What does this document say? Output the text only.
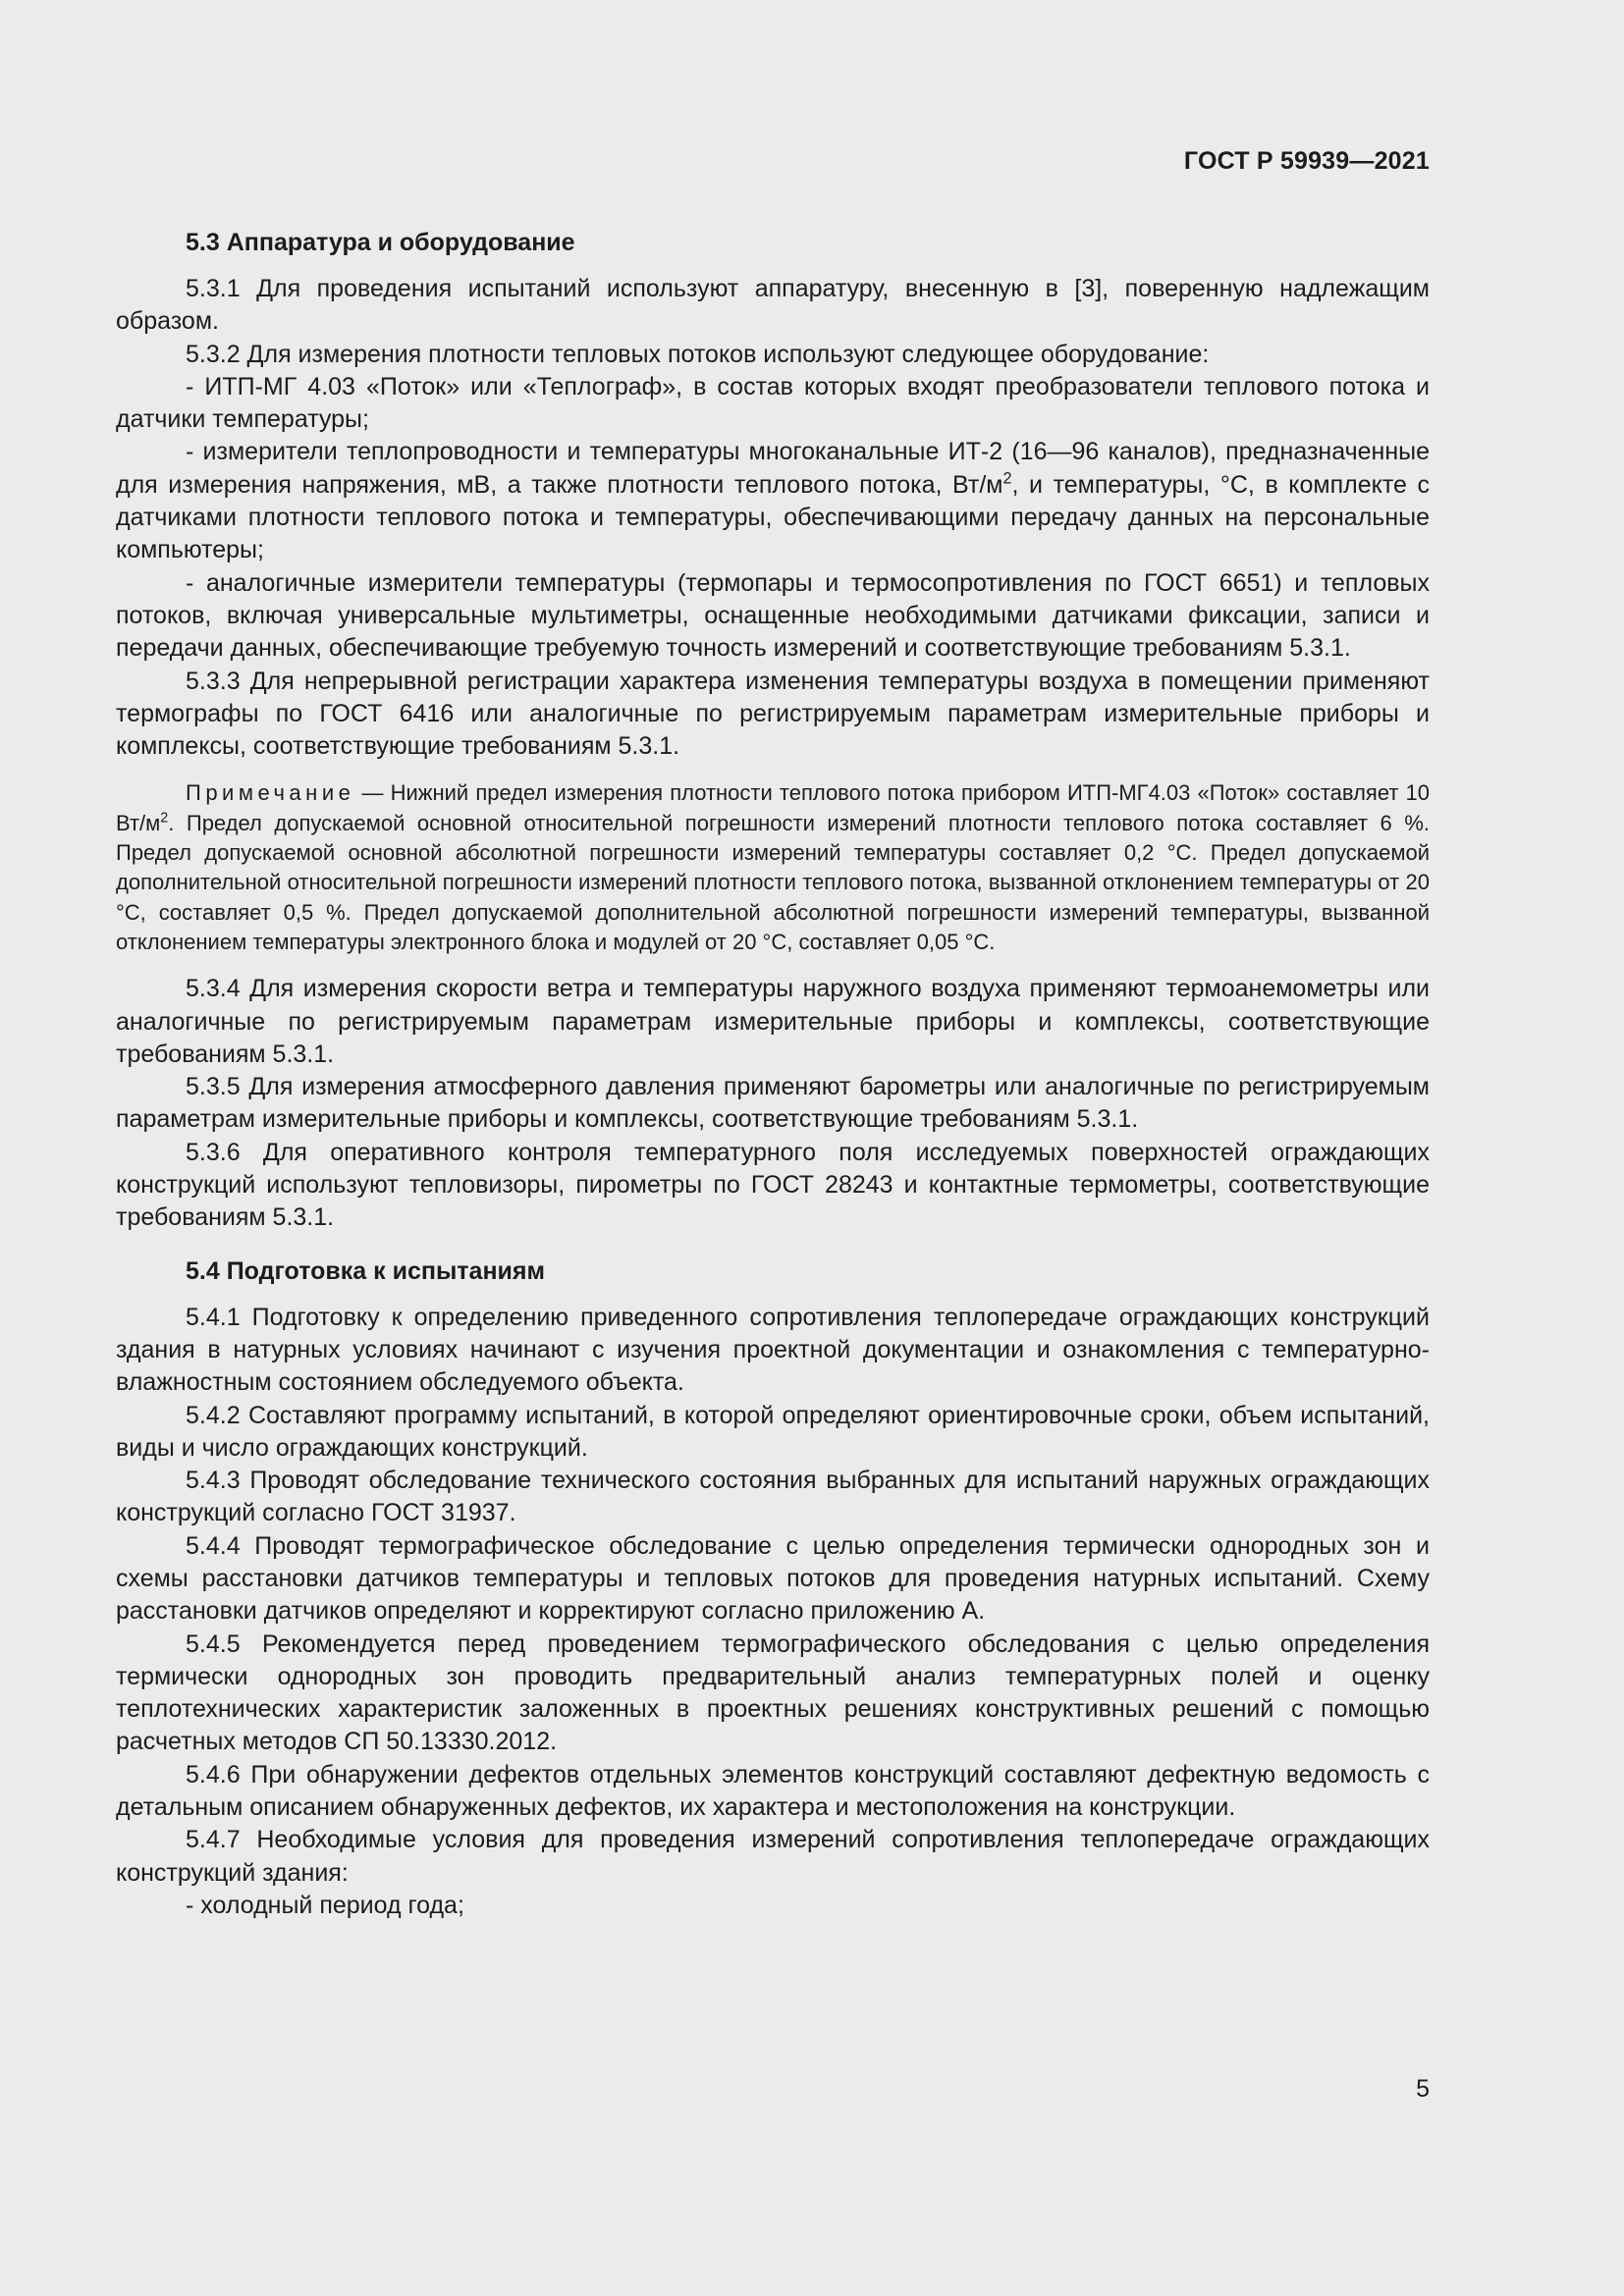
ГОСТ Р 59939—2021
5.3 Аппаратура и оборудование

5.3.1 Для проведения испытаний используют аппаратуру, внесенную в [3], поверенную надлежащим образом.

5.3.2 Для измерения плотности тепловых потоков используют следующее оборудование:

- ИТП-МГ 4.03 «Поток» или «Теплограф», в состав которых входят преобразователи теплового потока и датчики температуры;

- измерители теплопроводности и температуры многоканальные ИТ-2 (16—96 каналов), предназначенные для измерения напряжения, мВ, а также плотности теплового потока, $Вт/м^2$, и температуры, °С, в комплекте с датчиками плотности теплового потока и температуры, обеспечивающими передачу данных на персональные компьютеры;

- аналогичные измерители температуры (термопары и термосопротивления по ГОСТ 6651) и тепловых потоков, включая универсальные мультиметры, оснащенные необходимыми датчиками фиксации, записи и передачи данных, обеспечивающие требуемую точность измерений и соответствующие требованиям 5.3.1.

5.3.3 Для непрерывной регистрации характера изменения температуры воздуха в помещении применяют термографы по ГОСТ 6416 или аналогичные по регистрируемым параметрам измерительные приборы и комплексы, соответствующие требованиям 5.3.1.

Примечание — Нижний предел измерения плотности теплового потока прибором ИТП-МГ4.03 «Поток» составляет 10 $Вт/м^2$. Предел допускаемой основной относительной погрешности измерений плотности теплового потока составляет 6 %. Предел допускаемой основной абсолютной погрешности измерений температуры составляет 0,2 °С. Предел допускаемой дополнительной относительной погрешности измерений плотности теплового потока, вызванной отклонением температуры от 20 °С, составляет 0,5 %. Предел допускаемой дополнительной абсолютной погрешности измерений температуры, вызванной отклонением температуры электронного блока и модулей от 20 °С, составляет 0,05 °С.

5.3.4 Для измерения скорости ветра и температуры наружного воздуха применяют термоанемометры или аналогичные по регистрируемым параметрам измерительные приборы и комплексы, соответствующие требованиям 5.3.1.

5.3.5 Для измерения атмосферного давления применяют барометры или аналогичные по регистрируемым параметрам измерительные приборы и комплексы, соответствующие требованиям 5.3.1.

5.3.6 Для оперативного контроля температурного поля исследуемых поверхностей ограждающих конструкций используют тепловизоры, пирометры по ГОСТ 28243 и контактные термометры, соответствующие требованиям 5.3.1.

5.4 Подготовка к испытаниям

5.4.1 Подготовку к определению приведенного сопротивления теплопередаче ограждающих конструкций здания в натурных условиях начинают с изучения проектной документации и ознакомления с температурно-влажностным состоянием обследуемого объекта.

5.4.2 Составляют программу испытаний, в которой определяют ориентировочные сроки, объем испытаний, виды и число ограждающих конструкций.

5.4.3 Проводят обследование технического состояния выбранных для испытаний наружных ограждающих конструкций согласно ГОСТ 31937.

5.4.4 Проводят термографическое обследование с целью определения термически однородных зон и схемы расстановки датчиков температуры и тепловых потоков для проведения натурных испытаний. Схему расстановки датчиков определяют и корректируют согласно приложению А.

5.4.5 Рекомендуется перед проведением термографического обследования с целью определения термически однородных зон проводить предварительный анализ температурных полей и оценку теплотехнических характеристик заложенных в проектных решениях конструктивных решений с помощью расчетных методов СП 50.13330.2012.

5.4.6 При обнаружении дефектов отдельных элементов конструкций составляют дефектную ведомость с детальным описанием обнаруженных дефектов, их характера и местоположения на конструкции.

5.4.7 Необходимые условия для проведения измерений сопротивления теплопередаче ограждающих конструкций здания:

- холодный период года;

5
